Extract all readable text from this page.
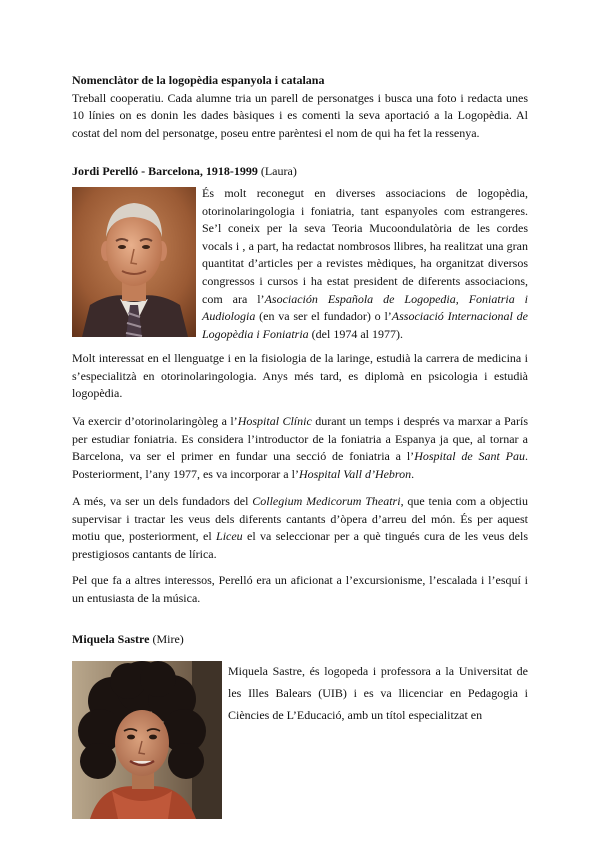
Nomenclàtor de la logopèdia espanyola i catalana

Treball cooperatiu. Cada alumne tria un parell de personatges i busca una foto i redacta unes 10 línies on es donin les dades bàsiques i es comenti la seva aportació a la Logopèdia. Al costat del nom del personatge, poseu entre parèntesi el nom de qui ha fet la ressenya.

Jordi Perelló - Barcelona, 1918-1999 (Laura)
És molt reconegut en diverses associacions de logopèdia, otorinolaringologia i foniatria, tant espanyoles com estrangeres. Se’l coneix per la seva Teoria Mucoondulatòria de les cordes vocals i , a part, ha redactat nombrosos llibres, ha realitzat una gran quantitat d’articles per a revistes mèdiques, ha organitzat diversos congressos i cursos i ha estat president de diferents associacions, com ara l’Asociación Española de Logopedia, Foniatria i Audiologia (en va ser el fundador) o l’Associació Internacional de Logopèdia i Foniatria (del 1974 al 1977).

Molt interessat en el llenguatge i en la fisiologia de la laringe, estudià la carrera de medicina i s’especialitzà en otorinolaringologia. Anys més tard, es diplomà en psicologia i estudià logopèdia.

Va exercir d’otorinolaringòleg a l’Hospital Clínic durant un temps i després va marxar a París per estudiar foniatria. Es considera l’introductor de la foniatria a Espanya ja que, al tornar a Barcelona, va ser el primer en fundar una secció de foniatria a l’Hospital de Sant Pau. Posteriorment, l’any 1977, es va incorporar a l’Hospital Vall d’Hebron.

A més, va ser un dels fundadors del Collegium Medicorum Theatri, que tenia com a objectiu supervisar i tractar les veus dels diferents cantants d’òpera d’arreu del món. És per aquest motiu que, posteriorment, el Liceu el va seleccionar per a què tingués cura de les veus dels prestigiosos cantants de lírica.

Pel que fa a altres interessos, Perelló era un aficionat a l’excursionisme, l’escalada i l’esquí i un entusiasta de la música.

Miquela Sastre (Mire)
Miquela Sastre, és logopeda i professora a la Universitat de les Illes Balears (UIB) i es va llicenciar en Pedagogia i Ciències de L’Educació, amb un títol especialitzat en
